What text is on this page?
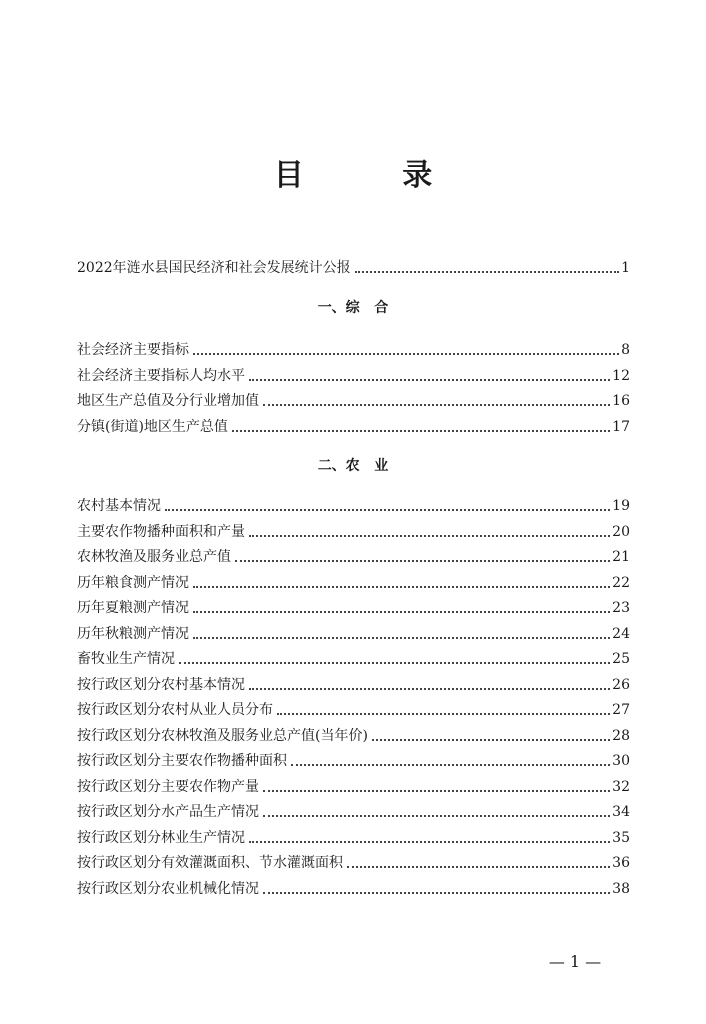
目 录
2022年涟水县国民经济和社会发展统计公报	1
一、综   合
社会经济主要指标	8
社会经济主要指标人均水平	12
地区生产总值及分行业增加值	16
分镇(街道)地区生产总值	17
二、农   业
农村基本情况	19
主要农作物播种面积和产量	20
农林牧渔及服务业总产值	21
历年粮食测产情况	22
历年夏粮测产情况	23
历年秋粮测产情况	24
畜牧业生产情况	25
按行政区划分农村基本情况	26
按行政区划分农村从业人员分布	27
按行政区划分农林牧渔及服务业总产值(当年价)	28
按行政区划分主要农作物播种面积	30
按行政区划分主要农作物产量	32
按行政区划分水产品生产情况	34
按行政区划分林业生产情况	35
按行政区划分有效灌溉面积、节水灌溉面积	36
按行政区划分农业机械化情况	38
— 1 —
